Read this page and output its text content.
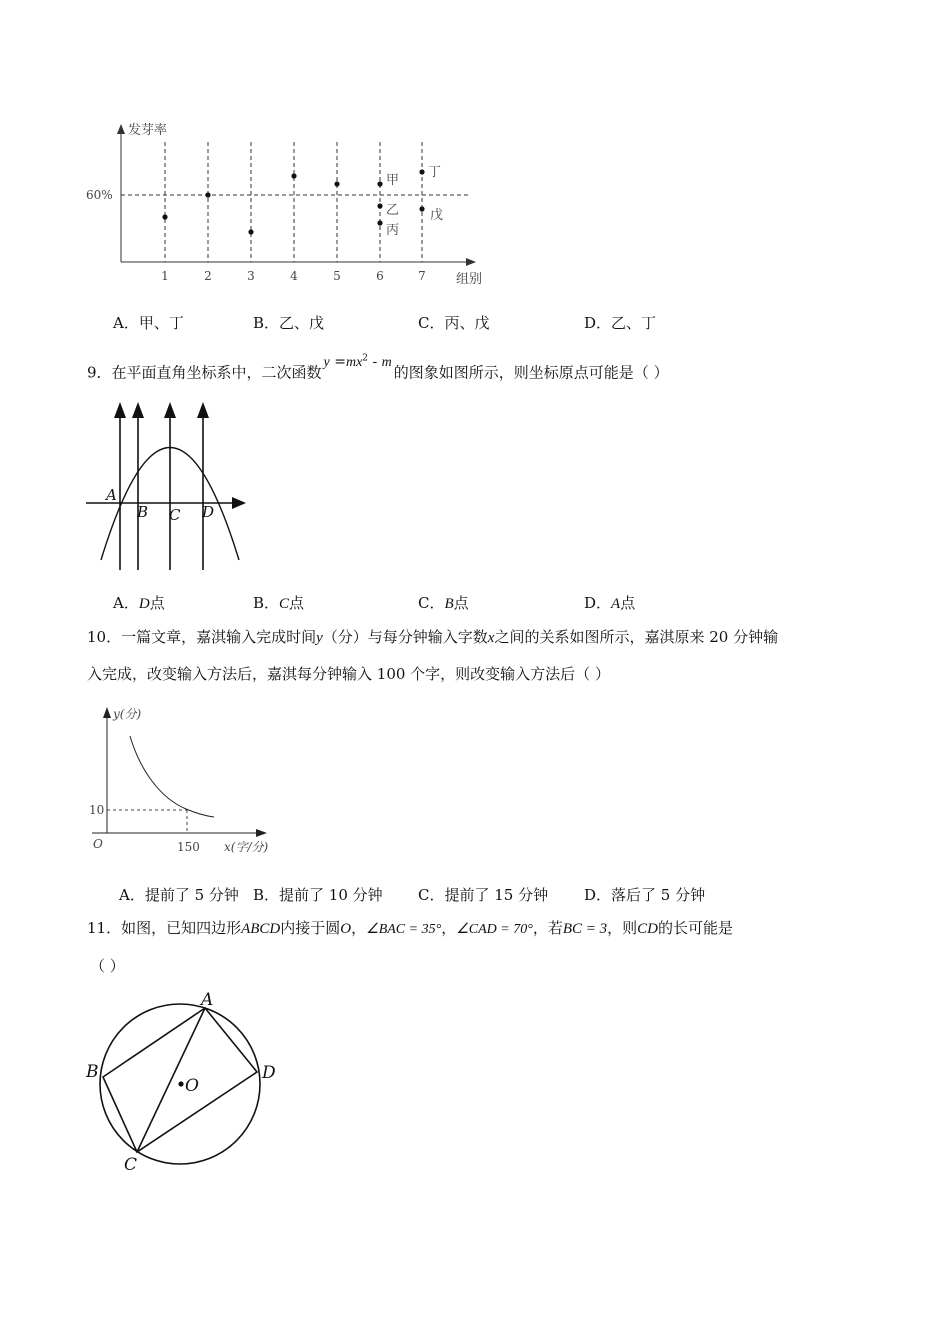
发芽率
组别
60%
1	2	3	4	5	6	7
甲
乙
丙
丁
戊
A．甲、丁	B．乙、戊	C．丙、戊	D．乙、丁
9．在平面直角坐标系中，二次函数$y =mx^2 - m$的图象如图所示，则坐标原点可能是（ ）
A
B C D
A．D点	B．C点	C．B点	D．A点
10．一篇文章，嘉淇输入完成时间y（分）与每分钟输入字数x之间的关系如图所示，嘉淇原来 20 分钟输
入完成，改变输入方法后，嘉淇每分钟输入 100 个字，则改变输入方法后（ ）
y(分)
10
O	150 x(字/分)
A．提前了 5 分钟 B．提前了 10 分钟 C．提前了 15 分钟 D．落后了 5 分钟
11．如图，已知四边形ABCD内接于圆O，∠BAC = 35°，∠CAD = 70°，若BC = 3，则CD的长可能是
（ ）
A
B
C
D
O
